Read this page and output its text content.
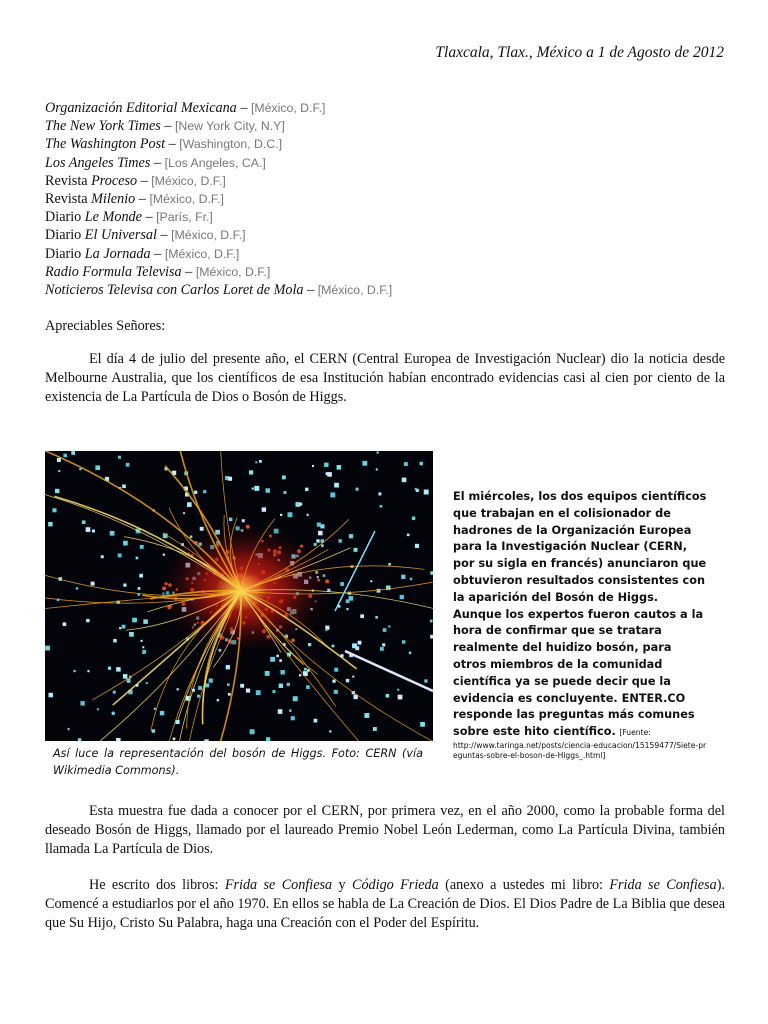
Tlaxcala, Tlax., México a 1 de Agosto de 2012
Organización Editorial Mexicana – [México, D.F.]
The New York Times – [New York City, N.Y]
The Washington Post – [Washington, D.C.]
Los Angeles Times – [Los Angeles, CA.]
Revista Proceso – [México, D.F.]
Revista Milenio – [México, D.F.]
Diario Le Monde – [París, Fr.]
Diario El Universal – [México, D.F.]
Diario La Jornada – [México, D.F.]
Radio Formula Televisa – [México, D.F.]
Noticieros Televisa con Carlos Loret de Mola – [México, D.F.]
Apreciables Señores:
El día 4 de julio del presente año, el CERN (Central Europea de Investigación Nuclear) dio la noticia desde Melbourne Australia, que los científicos de esa Institución habían encontrado evidencias casi al cien por ciento de la existencia de La Partícula de Dios o Bosón de Higgs.
Así luce la representación del bosón de Higgs. Foto: CERN (vía Wikimedia Commons).
El miércoles, los dos equipos científicos que trabajan en el colisionador de hadrones de la Organización Europea para la Investigación Nuclear (CERN, por su sigla en francés) anunciaron que obtuvieron resultados consistentes con la aparición del Bosón de Higgs. Aunque los expertos fueron cautos a la hora de confirmar que se tratara realmente del huidizo bosón, para otros miembros de la comunidad científica ya se puede decir que la evidencia es concluyente. ENTER.CO responde las preguntas más comunes sobre este hito científico. [Fuente:
http://www.taringa.net/posts/ciencia-educacion/15159477/Siete-preguntas-sobre-el-boson-de-Higgs_.html]
Esta muestra fue dada a conocer por el CERN, por primera vez, en el año 2000, como la probable forma del deseado Bosón de Higgs, llamado por el laureado Premio Nobel León Lederman, como La Partícula Divina, también llamada La Partícula de Dios.
He escrito dos libros: Frida se Confiesa y Código Frieda (anexo a ustedes mi libro: Frida se Confiesa). Comencé a estudiarlos por el año 1970. En ellos se habla de La Creación de Dios. El Dios Padre de La Biblia que desea que Su Hijo, Cristo Su Palabra, haga una Creación con el Poder del Espíritu.
